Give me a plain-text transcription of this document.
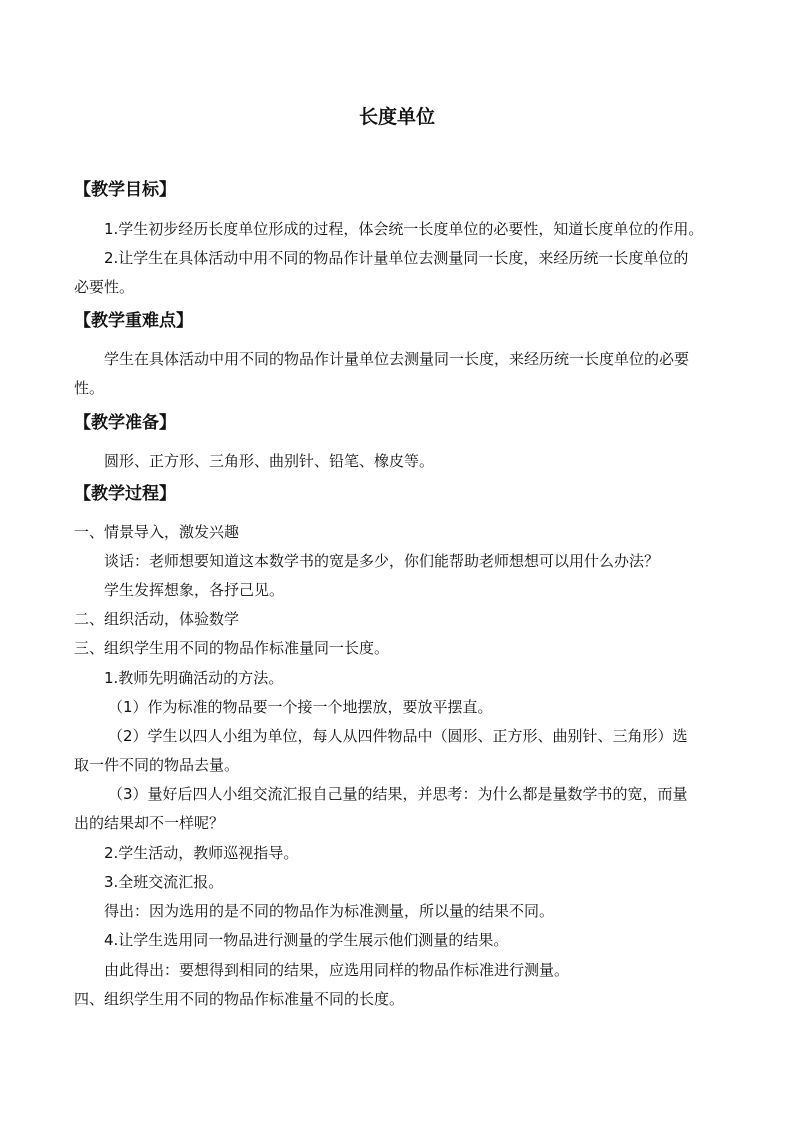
长度单位
【教学目标】
1.学生初步经历长度单位形成的过程，体会统一长度单位的必要性，知道长度单位的作用。
2.让学生在具体活动中用不同的物品作计量单位去测量同一长度，来经历统一长度单位的
必要性。
【教学重难点】
学生在具体活动中用不同的物品作计量单位去测量同一长度，来经历统一长度单位的必要
性。
【教学准备】
圆形、正方形、三角形、曲别针、铅笔、橡皮等。
【教学过程】
一、情景导入，激发兴趣
谈话：老师想要知道这本数学书的宽是多少，你们能帮助老师想想可以用什么办法？
学生发挥想象，各抒己见。
二、组织活动，体验数学
三、组织学生用不同的物品作标准量同一长度。
1.教师先明确活动的方法。
（1）作为标准的物品要一个接一个地摆放，要放平摆直。
（2）学生以四人小组为单位，每人从四件物品中（圆形、正方形、曲别针、三角形）选
取一件不同的物品去量。
（3）量好后四人小组交流汇报自己量的结果，并思考：为什么都是量数学书的宽，而量
出的结果却不一样呢？
2.学生活动，教师巡视指导。
3.全班交流汇报。
得出：因为选用的是不同的物品作为标准测量，所以量的结果不同。
4.让学生选用同一物品进行测量的学生展示他们测量的结果。
由此得出：要想得到相同的结果，应选用同样的物品作标准进行测量。
四、组织学生用不同的物品作标准量不同的长度。
